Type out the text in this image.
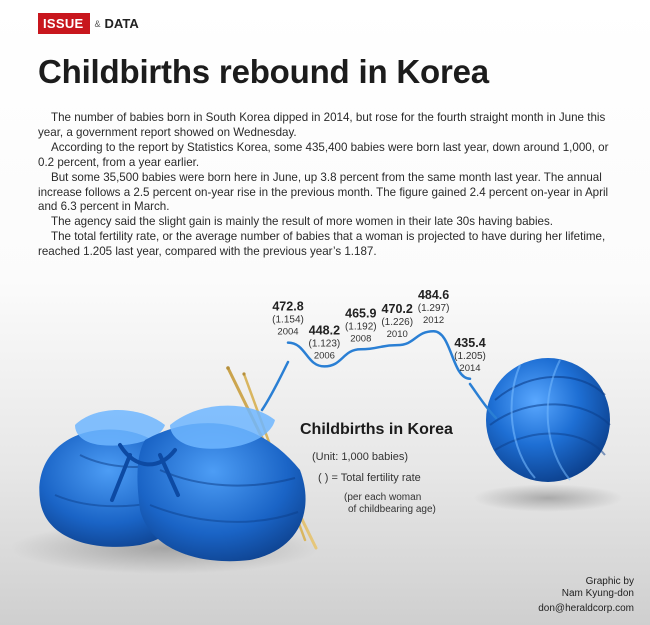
ISSUE	& DATA
Childbirths rebound in Korea

The number of babies born in South Korea dipped in 2014, but rose for the fourth straight month in June this year, a government report showed on Wednesday.

According to the report by Statistics Korea, some 435,400 babies were born last year, down around 1,000, or 0.2 percent, from a year earlier.

But some 35,500 babies were born here in June, up 3.8 percent from the same month last year. The annual increase follows a 2.5 percent on-year rise in the previous month. The figure gained 2.4 percent on-year in April and 6.3 percent in March.

The agency said the slight gain is mainly the result of more women in their late 30s having babies.

The total fertility rate, or the average number of babies that a woman is projected to have during her lifetime, reached 1.205 last year, compared with the previous year’s 1.187.

472.8
(1.154)
2004 448.2
(1.123)
2006
465.9
(1.192)
2008
470.2
(1.226)
2010
484.6
(1.297)
2012
435.4
(1.205)
2014
Childbirths in Korea
(Unit: 1,000 babies)
( ) = Total fertility rate
(per each woman
of childbearing age)
Graphic by
Nam Kyung-don
don@heraldcorp.com
